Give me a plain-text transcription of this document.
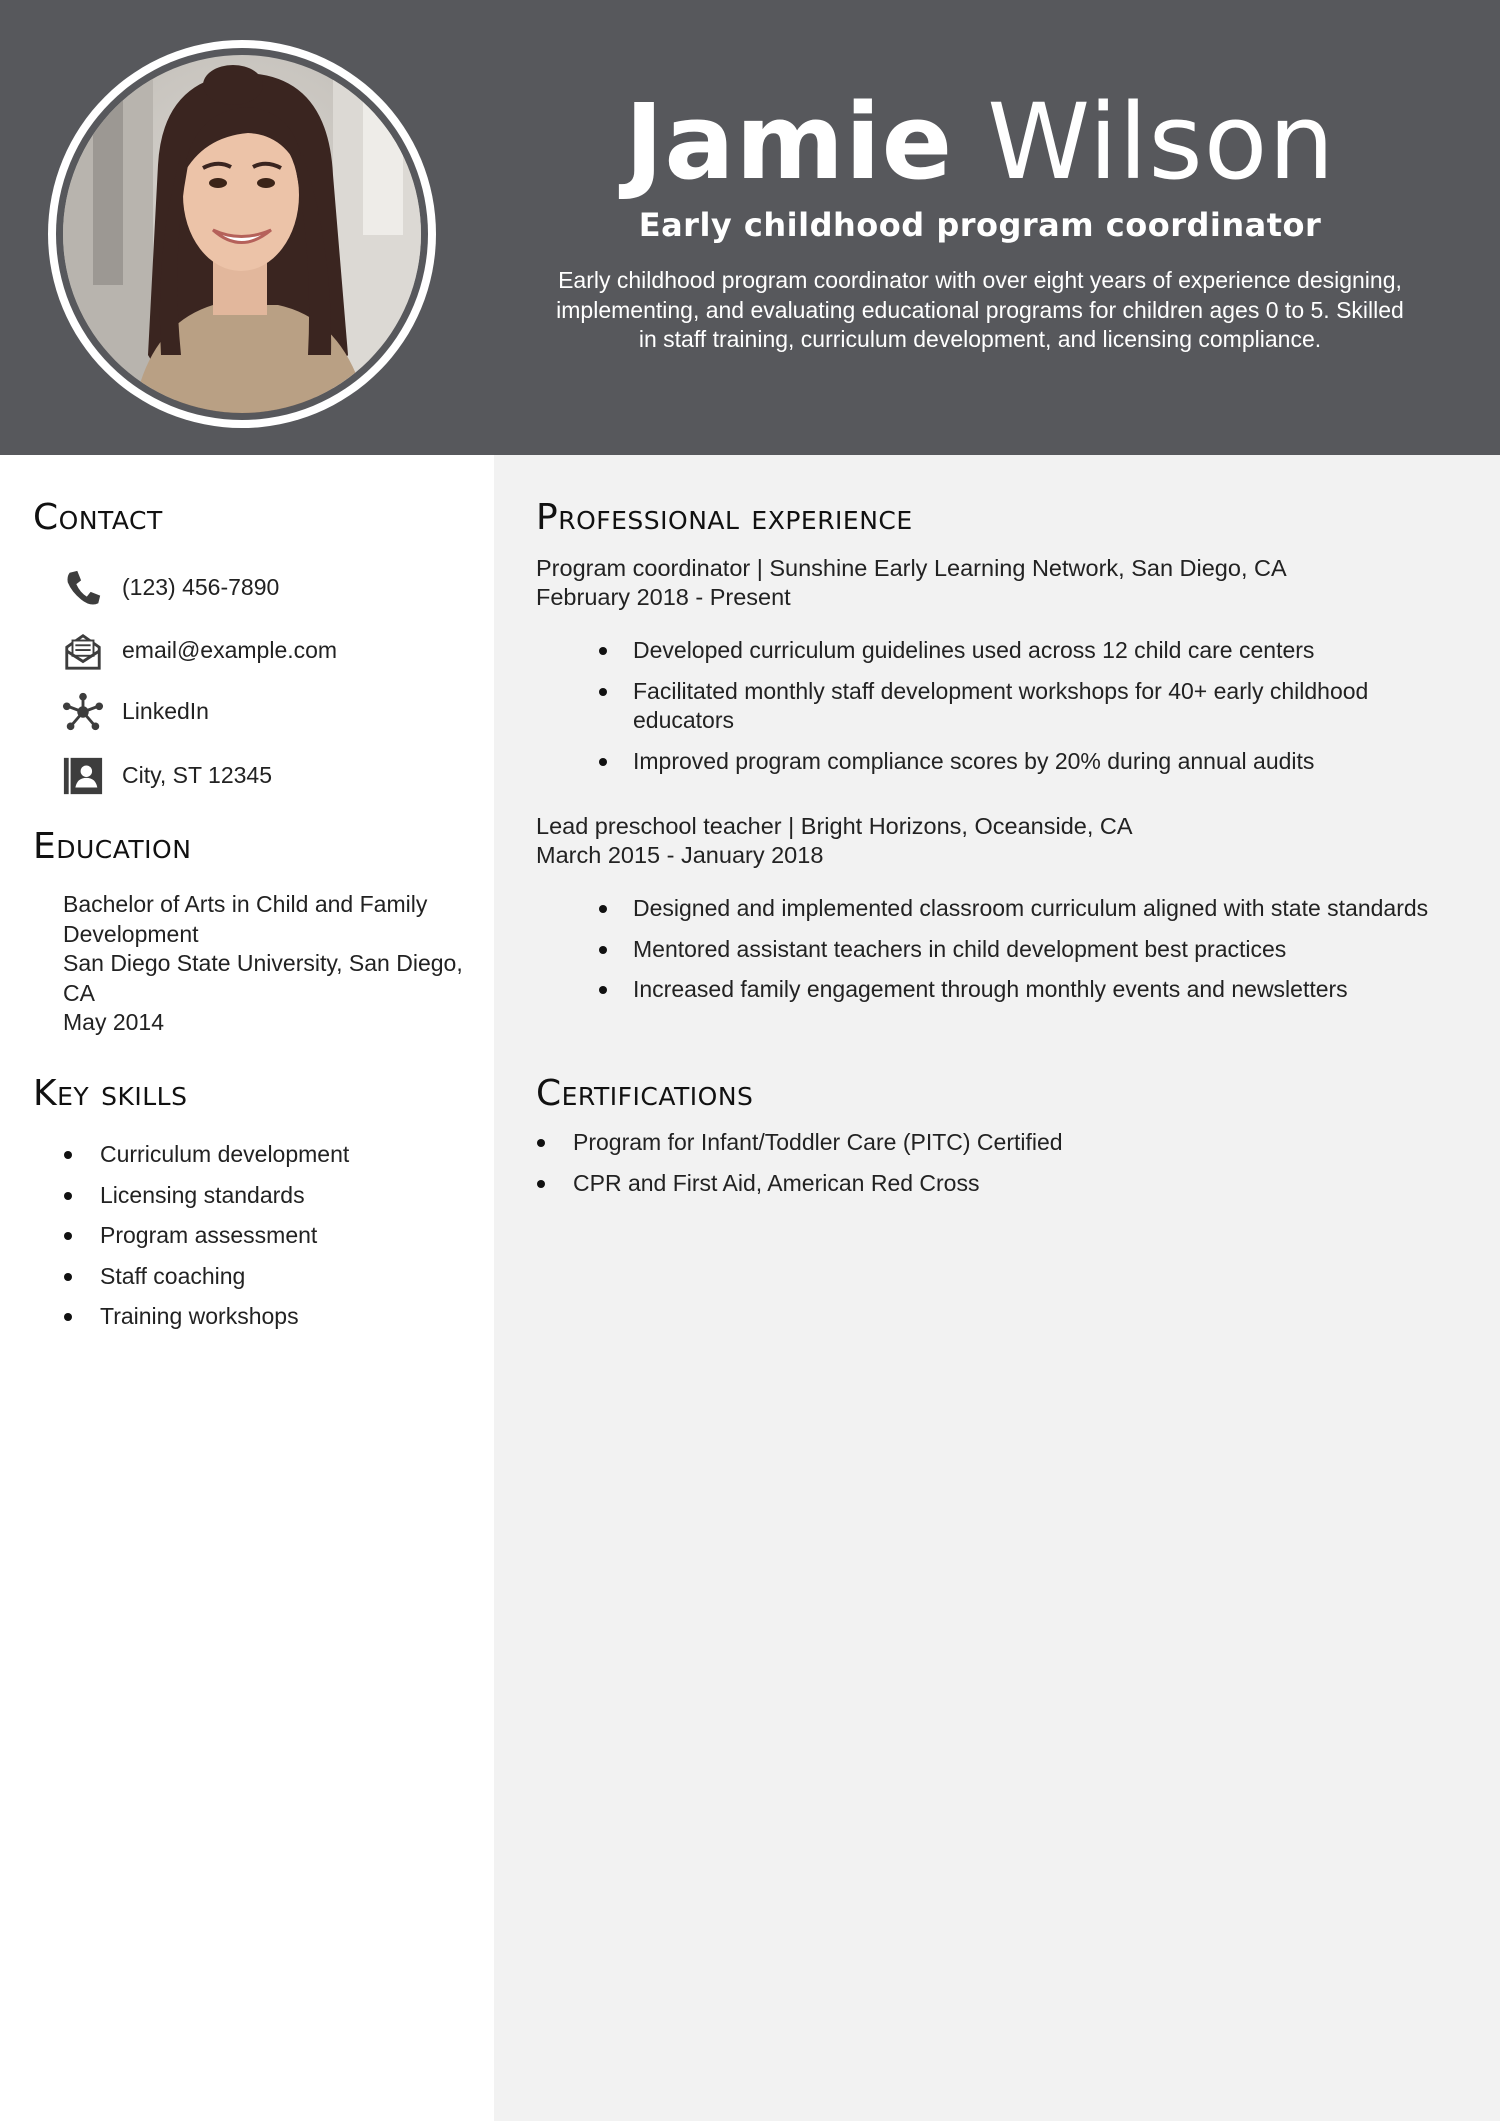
Jamie Wilson
Early childhood program coordinator
Early childhood program coordinator with over eight years of experience designing, implementing, and evaluating educational programs for children ages 0 to 5. Skilled in staff training, curriculum development, and licensing compliance.
Contact
(123) 456-7890
email@example.com
LinkedIn
City, ST 12345
Education
Bachelor of Arts in Child and Family Development
San Diego State University, San Diego, CA
May 2014
Key skills
Curriculum development
Licensing standards
Program assessment
Staff coaching
Training workshops
Professional experience
Program coordinator | Sunshine Early Learning Network, San Diego, CA
February 2018 - Present
Developed curriculum guidelines used across 12 child care centers
Facilitated monthly staff development workshops for 40+ early childhood educators
Improved program compliance scores by 20% during annual audits
Lead preschool teacher | Bright Horizons, Oceanside, CA
March 2015 - January 2018
Designed and implemented classroom curriculum aligned with state standards
Mentored assistant teachers in child development best practices
Increased family engagement through monthly events and newsletters
Certifications
Program for Infant/Toddler Care (PITC) Certified
CPR and First Aid, American Red Cross
